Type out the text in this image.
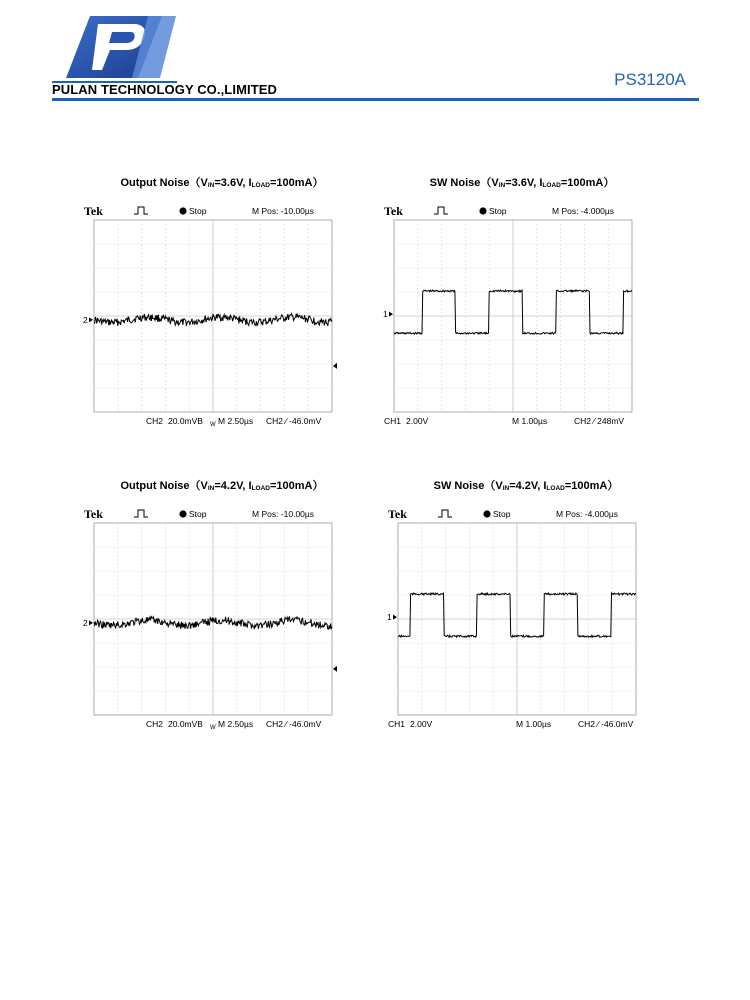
PULAN TECHNOLOGY CO.,LIMITED
PS3120A
Output $Noise(V_{IN}=3.6V$, $I_{LOAD}=100mA$）
Tek	Stop	M Pos: -10.00µs
2
CH2 20.0mVB W M 2.50µs CH2 ∕ -46.0mV
SW $Noise(V_{IN}=3.6V$, $I_{LOAD}=100mA$）
Tek	Stop	M Pos: -4.000µs
1
CH1 2.00V	M 1.00µs	CH2 ∕ 248mV
Output $Noise(V_{IN}=4.2V$, $I_{LOAD}=100mA$）
Tek	Stop	M Pos: -10.00µs
2
CH2 20.0mVB W M 2.50µs CH2 ∕ -46.0mV
SW $Noise(V_{IN}=4.2V$, $I_{LOAD}=100mA$）
Tek	Stop	M Pos: -4.000µs
1
CH1 2.00V	M 1.00µs	CH2 ∕ -46.0mV
